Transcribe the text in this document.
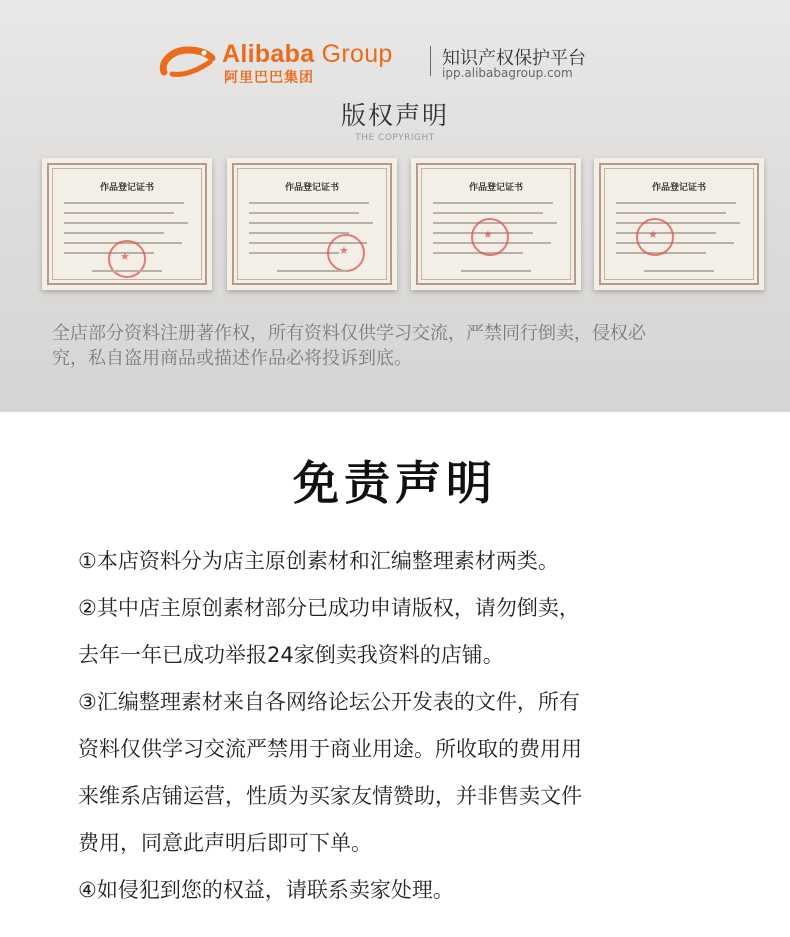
Alibaba Group
阿里巴巴集团
知识产权保护平台
ipp.alibabagroup.com
版权声明
THE COPYRIGHT
作品登记证书
★	作品登记证书
★	作品登记证书
★	作品登记证书
★
全店部分资料注册著作权，所有资料仅供学习交流，严禁同行倒卖，侵权必
究，私自盗用商品或描述作品必将投诉到底。
免责声明
①本店资料分为店主原创素材和汇编整理素材两类。
②其中店主原创素材部分已成功申请版权，请勿倒卖，
去年一年已成功举报24家倒卖我资料的店铺。
③汇编整理素材来自各网络论坛公开发表的文件，所有
资料仅供学习交流严禁用于商业用途。所收取的费用用
来维系店铺运营，性质为买家友情赞助，并非售卖文件
费用，同意此声明后即可下单。
④如侵犯到您的权益，请联系卖家处理。
